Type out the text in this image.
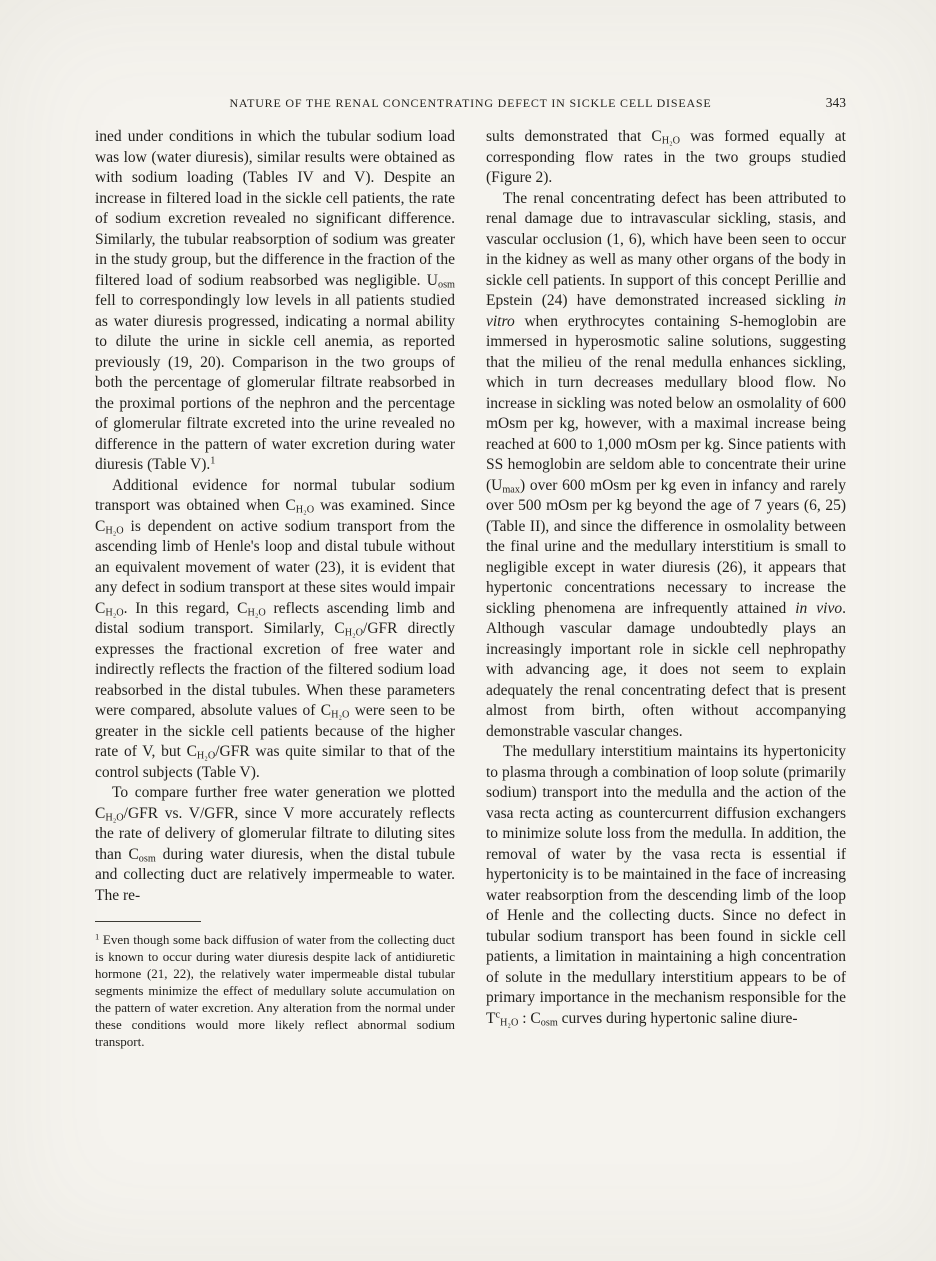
NATURE OF THE RENAL CONCENTRATING DEFECT IN SICKLE CELL DISEASE	343

ined under conditions in which the tubular sodium load was low (water diuresis), similar results were obtained as with sodium loading (Tables IV and V). Despite an increase in filtered load in the sickle cell patients, the rate of sodium excretion revealed no significant difference. Similarly, the tubular reabsorption of sodium was greater in the study group, but the difference in the fraction of the filtered load of sodium reabsorbed was negligible. $U_{osm}$ fell to correspondingly low levels in all patients studied as water diuresis progressed, indicating a normal ability to dilute the urine in sickle cell anemia, as reported previously (19, 20). Comparison in the two groups of both the percentage of glomerular filtrate reabsorbed in the proximal portions of the nephron and the percentage of glomerular filtrate excreted into the urine revealed no difference in the pattern of water excretion during water diuresis (Table V).$^1$

Additional evidence for normal tubular sodium transport was obtained when $C_{H_2O}$ was examined. Since $C_{H_2O}$ is dependent on active sodium transport from the ascending limb of Henle's loop and distal tubule without an equivalent movement of water (23), it is evident that any defect in sodium transport at these sites would impair $C_{H_2O}$. In this regard, $C_{H_2O}$ reflects ascending limb and distal sodium transport. Similarly, $C_{H_2O}$/GFR directly expresses the fractional excretion of free water and indirectly reflects the fraction of the filtered sodium load reabsorbed in the distal tubules. When these parameters were compared, absolute values of $C_{H_2O}$ were seen to be greater in the sickle cell patients because of the higher rate of V, but $C_{H_2O}$/GFR was quite similar to that of the control subjects (Table V).

To compare further free water generation we plotted $C_{H_2O}$/GFR vs. V/GFR, since V more accurately reflects the rate of delivery of glomerular filtrate to diluting sites than $C_{osm}$ during water diuresis, when the distal tubule and collecting duct are relatively impermeable to water. The re-

$^1$ Even though some back diffusion of water from the collecting duct is known to occur during water diuresis despite lack of antidiuretic hormone (21, 22), the relatively water impermeable distal tubular segments minimize the effect of medullary solute accumulation on the pattern of water excretion. Any alteration from the normal under these conditions would more likely reflect abnormal sodium transport.

sults demonstrated that $C_{H_2O}$ was formed equally at corresponding flow rates in the two groups studied (Figure 2).

The renal concentrating defect has been attributed to renal damage due to intravascular sickling, stasis, and vascular occlusion (1, 6), which have been seen to occur in the kidney as well as many other organs of the body in sickle cell patients. In support of this concept Perillie and Epstein (24) have demonstrated increased sickling in vitro when erythrocytes containing S-hemoglobin are immersed in hyperosmotic saline solutions, suggesting that the milieu of the renal medulla enhances sickling, which in turn decreases medullary blood flow. No increase in sickling was noted below an osmolality of 600 mOsm per kg, however, with a maximal increase being reached at 600 to 1,000 mOsm per kg. Since patients with SS hemoglobin are seldom able to concentrate their urine $(U_{max})$ over 600 mOsm per kg even in infancy and rarely over 500 mOsm per kg beyond the age of 7 years (6, 25) (Table II), and since the difference in osmolality between the final urine and the medullary interstitium is small to negligible except in water diuresis (26), it appears that hypertonic concentrations necessary to increase the sickling phenomena are infrequently attained in vivo. Although vascular damage undoubtedly plays an increasingly important role in sickle cell nephropathy with advancing age, it does not seem to explain adequately the renal concentrating defect that is present almost from birth, often without accompanying demonstrable vascular changes.

The medullary interstitium maintains its hypertonicity to plasma through a combination of loop solute (primarily sodium) transport into the medulla and the action of the vasa recta acting as countercurrent diffusion exchangers to minimize solute loss from the medulla. In addition, the removal of water by the vasa recta is essential if hypertonicity is to be maintained in the face of increasing water reabsorption from the descending limb of the loop of Henle and the collecting ducts. Since no defect in tubular sodium transport has been found in sickle cell patients, a limitation in maintaining a high concentration of solute in the medullary interstitium appears to be of primary importance in the mechanism responsible for the $T^c_{H_2O}$ : $C_{osm}$ curves during hypertonic saline diure-
